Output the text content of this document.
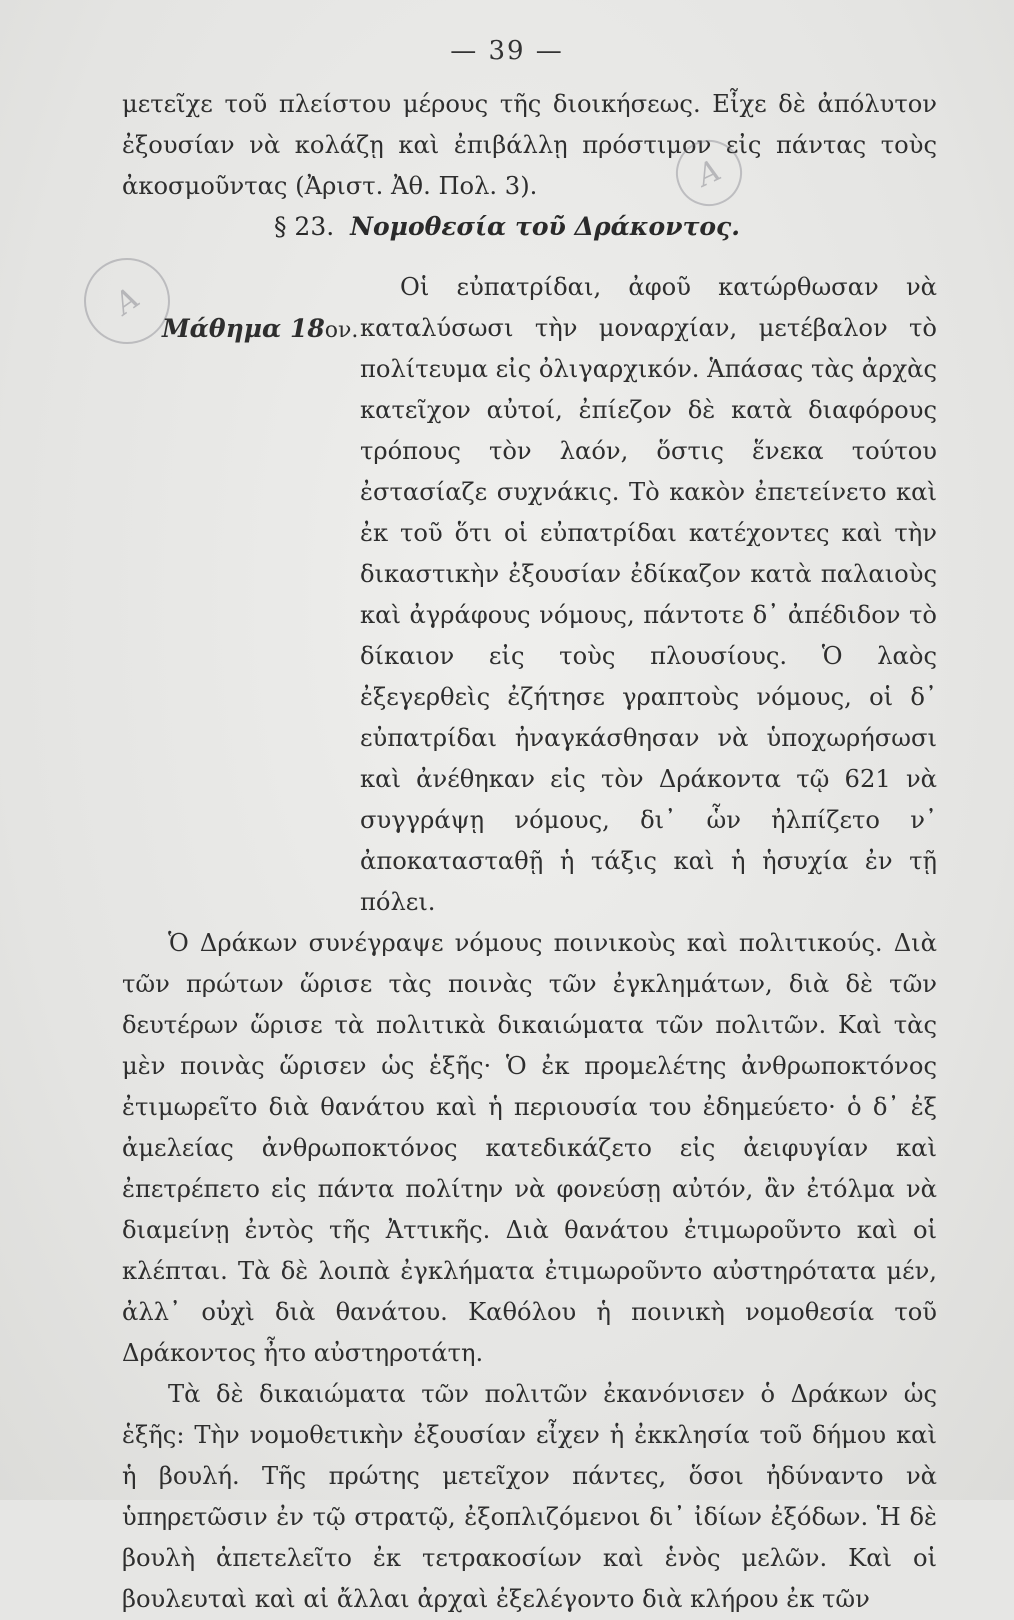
— 39 —

μετεῖχε τοῦ πλείστου μέρους τῆς διοικήσεως. Εἶχε δὲ ἀπόλυτον ἐξουσίαν νὰ κολάζῃ καὶ ἐπιβάλλῃ πρόστιμον εἰς πάντας τοὺς ἀκοσμοῦντας (Ἀριστ. Ἀθ. Πολ. 3).	A
§ 23. Νομοθεσία τοῦ Δράκοντος.
A
Μάθημα 18ον.
Οἱ εὐπατρίδαι, ἀφοῦ κατώρθωσαν νὰ καταλύσωσι τὴν μοναρχίαν, μετέβαλον τὸ πολίτευμα εἰς ὀλιγαρχικόν. Ἁπάσας τὰς ἀρχὰς κατεῖχον αὐτοί, ἐπίεζον δὲ κατὰ διαφόρους τρόπους τὸν λαόν, ὅστις ἕνεκα τούτου ἐστασίαζε συχνάκις. Τὸ κακὸν ἐπετείνετο καὶ ἐκ τοῦ ὅτι οἱ εὐπατρίδαι κατέχοντες καὶ τὴν δικαστικὴν ἐξουσίαν ἐδίκαζον κατὰ παλαιοὺς καὶ ἀγράφους νόμους, πάντοτε δ᾽ ἀπέδιδον τὸ δίκαιον εἰς τοὺς πλουσίους. Ὁ λαὸς ἐξεγερθεὶς ἐζήτησε γραπτοὺς νόμους, οἱ δ᾽ εὐπατρίδαι ἠναγκάσθησαν νὰ ὑποχωρήσωσι καὶ ἀνέθηκαν εἰς τὸν Δράκοντα τῷ 621 νὰ συγγράψῃ νόμους, δι᾽ ὧν ἠλπίζετο ν᾽ ἀποκατασταθῇ ἡ τάξις καὶ ἡ ἡσυχία ἐν τῇ πόλει.

Ὁ Δράκων συνέγραψε νόμους ποινικοὺς καὶ πολιτικούς. Διὰ τῶν πρώτων ὥρισε τὰς ποινὰς τῶν ἐγκλημάτων, διὰ δὲ τῶν δευτέρων ὥρισε τὰ πολιτικὰ δικαιώματα τῶν πολιτῶν. Καὶ τὰς μὲν ποινὰς ὥρισεν ὡς ἑξῆς· Ὁ ἐκ προμελέτης ἀνθρωποκτόνος ἐτιμωρεῖτο διὰ θανάτου καὶ ἡ περιουσία του ἐδημεύετο· ὁ δ᾽ ἐξ ἀμελείας ἀνθρωποκτόνος κατεδικάζετο εἰς ἀειφυγίαν καὶ ἐπετρέπετο εἰς πάντα πολίτην νὰ φονεύσῃ αὐτόν, ἂν ἐτόλμα νὰ διαμείνῃ ἐντὸς τῆς Ἀττικῆς. Διὰ θανάτου ἐτιμωροῦντο καὶ οἱ κλέπται. Τὰ δὲ λοιπὰ ἐγκλήματα ἐτιμωροῦντο αὐστηρότατα μέν, ἀλλ᾽ οὐχὶ διὰ θανάτου. Καθόλου ἡ ποινικὴ νομοθεσία τοῦ Δράκοντος ἦτο αὐστηροτάτη.

Τὰ δὲ δικαιώματα τῶν πολιτῶν ἐκανόνισεν ὁ Δράκων ὡς ἑξῆς: Τὴν νομοθετικὴν ἐξουσίαν εἶχεν ἡ ἐκκλησία τοῦ δήμου καὶ ἡ βουλή. Τῆς πρώτης μετεῖχον πάντες, ὅσοι ἠδύναντο νὰ ὑπηρετῶσιν ἐν τῷ στρατῷ, ἐξοπλιζόμενοι δι᾽ ἰδίων ἐξόδων. Ἡ δὲ βουλὴ ἀπετελεῖτο ἐκ τετρακοσίων καὶ ἑνὸς μελῶν. Καὶ οἱ βουλευταὶ καὶ αἱ ἄλλαι ἀρχαὶ ἐξελέγοντο διὰ κλήρου ἐκ τῶν
